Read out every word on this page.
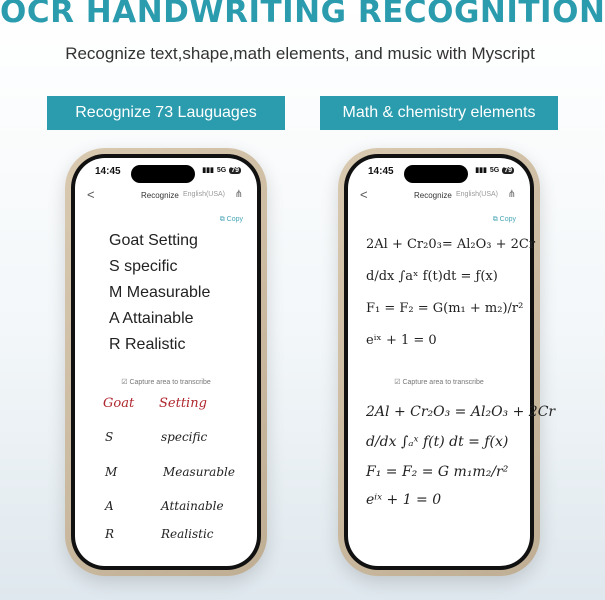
OCR HANDWRITING RECOGNITION
Recognize text,shape,math elements, and music with Myscript
Recognize 73 Lauguages	Math & chemistry elements
14:45	▮▮▮ 5G 79
<	Recognize English(USA) ⋔
⧉ Copy
Goat Setting
S specific
M Measurable
A Attainable
R Realistic
☑ Capture area to transcribe
Goat Setting
S	specific
M	Measurable
A	Attainable
R	Realistic
14:45	▮▮▮ 5G 79
<	Recognize English(USA) ⋔
⧉ Copy
2Al + Cr₂0₃= Al₂O₃ + 2Cr
d/dx ∫aˣ f(t)dt = ƒ(x)
F₁ = F₂ = G(m₁ + m₂)/r²
eⁱˣ + 1 = 0
☑ Capture area to transcribe
2Al + Cr₂O₃ = Al₂O₃ + 2Cr
d/dx ∫ₐˣ f(t) dt = ƒ(x)
F₁ = F₂ = G m₁m₂/r²
eⁱˣ + 1 = 0
